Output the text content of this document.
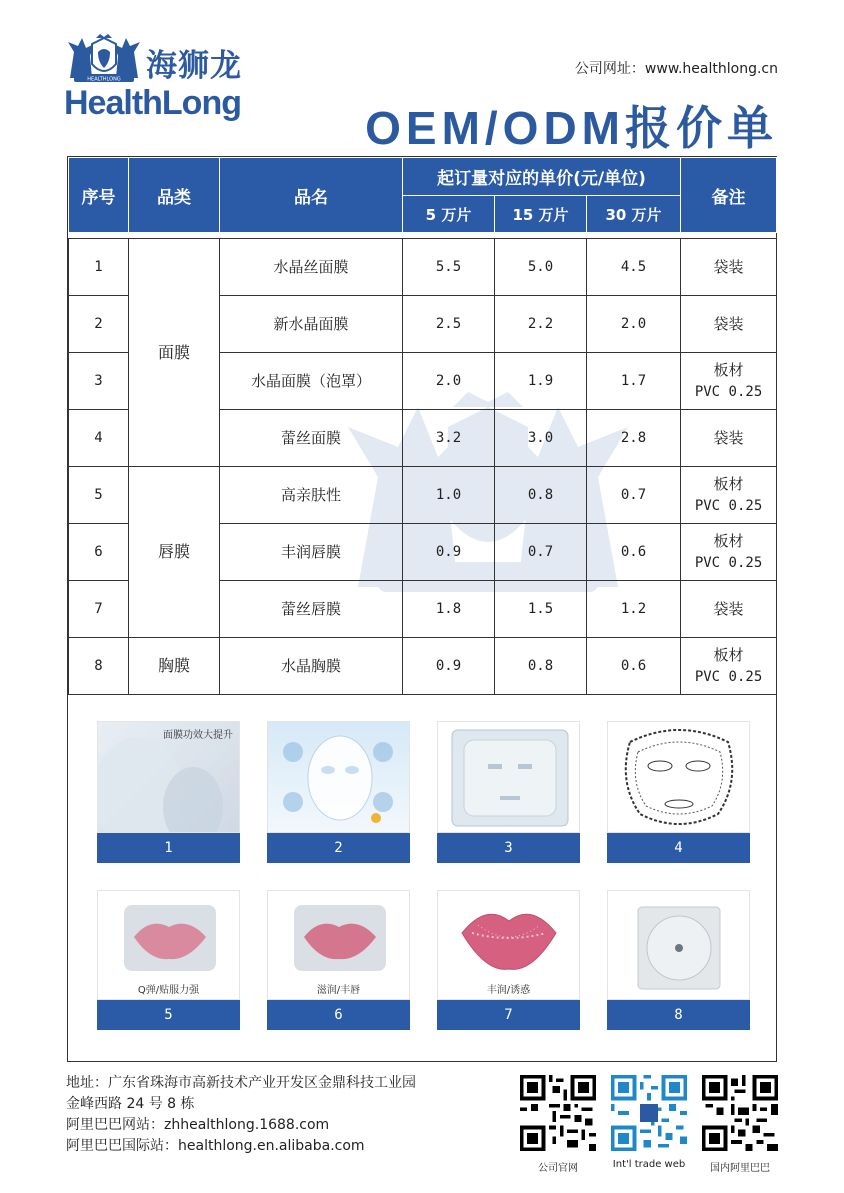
HEALTHLONG 海狮龙
HealthLong
公司网址：www.healthlong.cn
OEM/ODM报价单
序号	品类	品名	起订量对应的单价(元/单位)			备注
			5 万片	15 万片	30 万片	

1	面膜	水晶丝面膜	5.5	5.0	4.5	袋装

2		新水晶面膜	2.5	2.2	2.0	袋装

3		水晶面膜（泡罩）	2.0	1.9	1.7	板材
PVC 0.25

4		蕾丝面膜	3.2	3.0	2.8	袋装

5	唇膜	高亲肤性	1.0	0.8	0.7	板材
PVC 0.25

6		丰润唇膜	0.9	0.7	0.6	板材
PVC 0.25

7		蕾丝唇膜	1.8	1.5	1.2	袋装

8	胸膜	水晶胸膜	0.9	0.8	0.6	板材
PVC 0.25
面膜功效大提升
1	2	3	4
Q弹/贴服力强
5
滋润/丰唇
6
丰润/诱惑
7	8
地址：广东省珠海市高新技术产业开发区金鼎科技工业园
金峰西路 24 号 8 栋
阿里巴巴网站：zhhealthlong.1688.com
阿里巴巴国际站：healthlong.en.alibaba.com
公司官网	Int'l trade web	国内阿里巴巴
